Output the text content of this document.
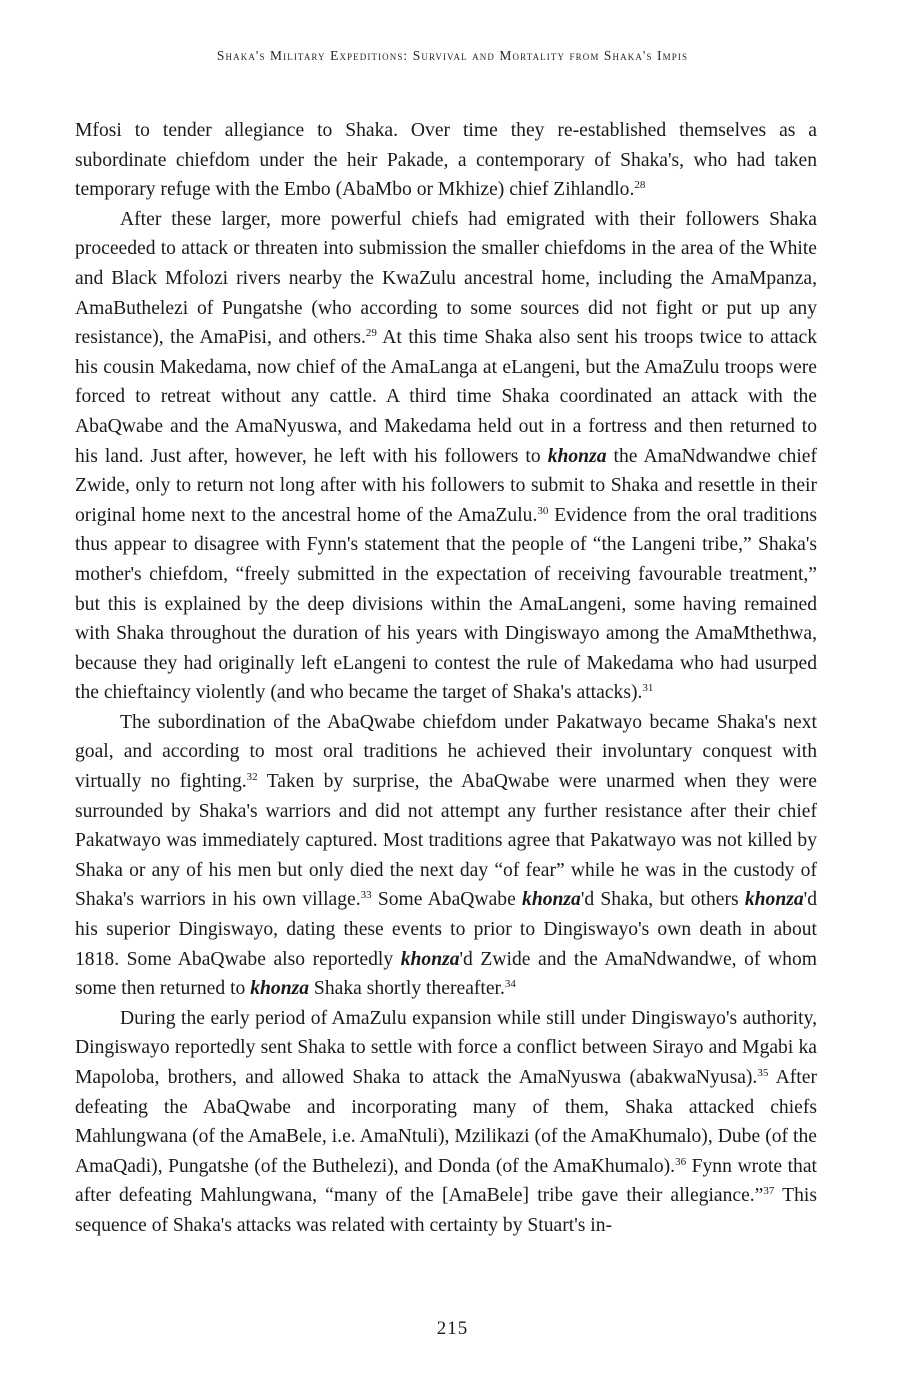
Shaka's Military Expeditions: Survival and Mortality from Shaka's Impis

Mfosi to tender allegiance to Shaka. Over time they re-established themselves as a subordinate chiefdom under the heir Pakade, a contemporary of Shaka's, who had taken temporary refuge with the Embo (AbaMbo or Mkhize) chief Zihlandlo.$^{28}$

After these larger, more powerful chiefs had emigrated with their followers Shaka proceeded to attack or threaten into submission the smaller chiefdoms in the area of the White and Black Mfolozi rivers nearby the KwaZulu ancestral home, including the AmaMpanza, AmaButhelezi of Pungatshe (who according to some sources did not fight or put up any resistance), the AmaPisi, and others.$^{29}$ At this time Shaka also sent his troops twice to attack his cousin Makedama, now chief of the AmaLanga at eLangeni, but the AmaZulu troops were forced to retreat without any cattle. A third time Shaka coordinated an attack with the AbaQwabe and the AmaNyuswa, and Makedama held out in a fortress and then returned to his land. Just after, however, he left with his followers to khonza the AmaNdwandwe chief Zwide, only to return not long after with his followers to submit to Shaka and resettle in their original home next to the ancestral home of the AmaZulu.$^{30}$ Evidence from the oral traditions thus appear to disagree with Fynn's statement that the people of “the Langeni tribe,” Shaka's mother's chiefdom, “freely submitted in the expectation of receiving favourable treatment,” but this is explained by the deep divisions within the AmaLangeni, some having remained with Shaka throughout the duration of his years with Dingiswayo among the AmaMthethwa, because they had originally left eLangeni to contest the rule of Makedama who had usurped the chieftaincy violently (and who became the target of Shaka's attacks).$^{31}$

The subordination of the AbaQwabe chiefdom under Pakatwayo became Shaka's next goal, and according to most oral traditions he achieved their involuntary conquest with virtually no fighting.$^{32}$ Taken by surprise, the AbaQwabe were unarmed when they were surrounded by Shaka's warriors and did not attempt any further resistance after their chief Pakatwayo was immediately captured. Most traditions agree that Pakatwayo was not killed by Shaka or any of his men but only died the next day “of fear” while he was in the custody of Shaka's warriors in his own village.$^{33}$ Some AbaQwabe khonza'd Shaka, but others khonza'd his superior Dingiswayo, dating these events to prior to Dingiswayo's own death in about 1818. Some AbaQwabe also reportedly khonza'd Zwide and the AmaNdwandwe, of whom some then returned to khonza Shaka shortly thereafter.$^{34}$

During the early period of AmaZulu expansion while still under Dingiswayo's authority, Dingiswayo reportedly sent Shaka to settle with force a conflict between Sirayo and Mgabi ka Mapoloba, brothers, and allowed Shaka to attack the AmaNyuswa (abakwaNyusa).$^{35}$ After defeating the AbaQwabe and incorporating many of them, Shaka attacked chiefs Mahlungwana (of the AmaBele, i.e. AmaNtuli), Mzilikazi (of the AmaKhumalo), Dube (of the AmaQadi), Pungatshe (of the Buthelezi), and Donda (of the AmaKhumalo).$^{36}$ Fynn wrote that after defeating Mahlungwana, “many of the [AmaBele] tribe gave their allegiance.”$^{37}$ This sequence of Shaka's attacks was related with certainty by Stuart's in-

215
